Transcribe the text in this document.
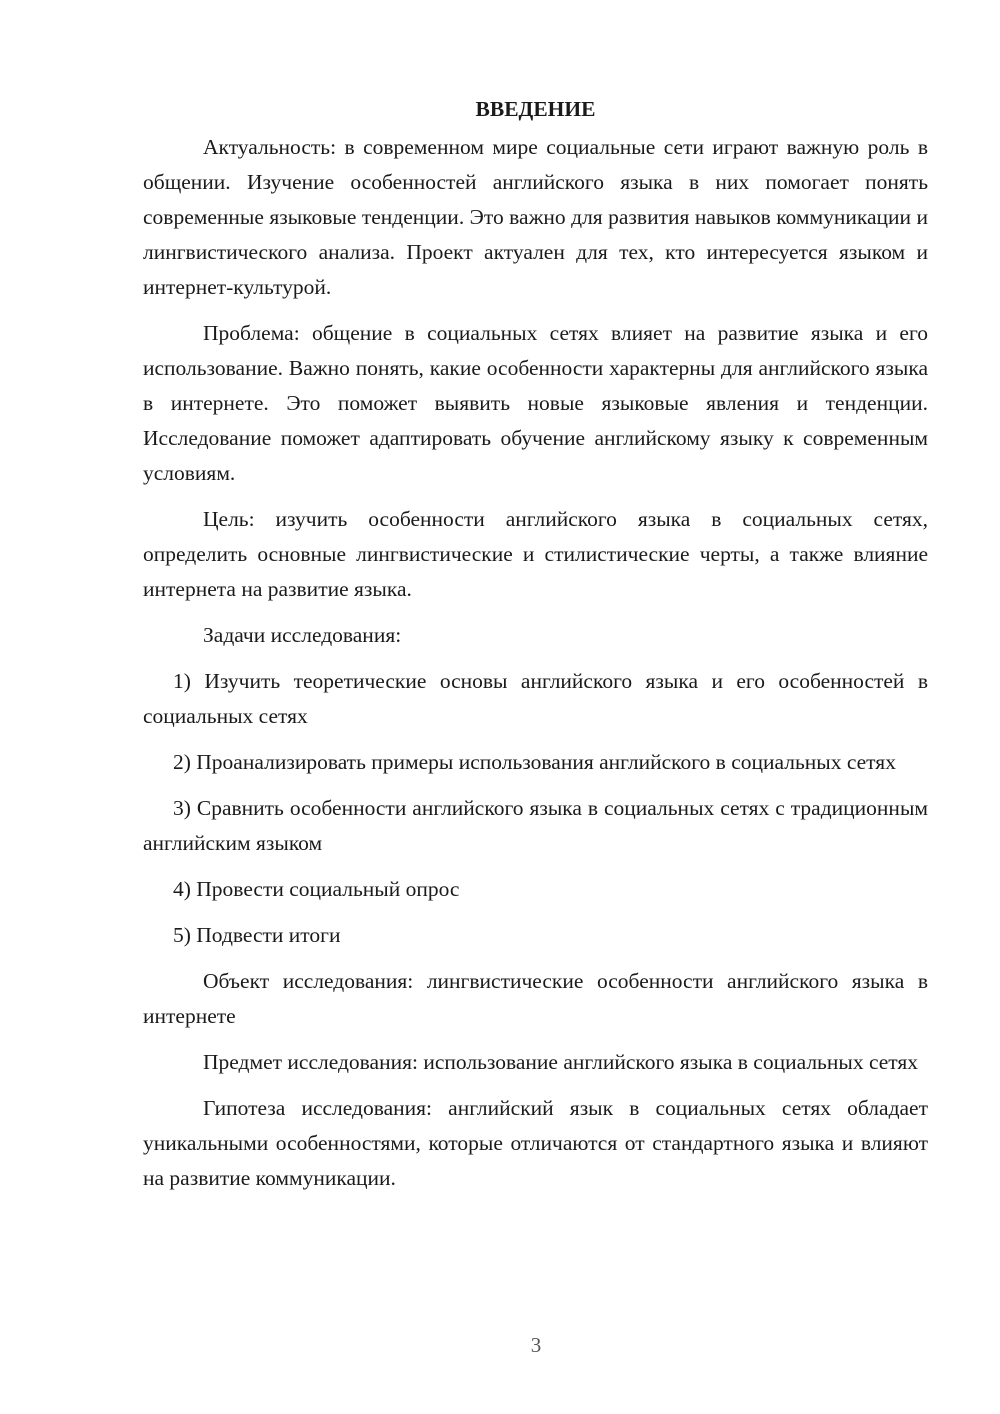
ВВЕДЕНИЕ

Актуальность: в современном мире социальные сети играют важную роль в общении. Изучение особенностей английского языка в них помогает понять современные языковые тенденции. Это важно для развития навыков коммуникации и лингвистического анализа. Проект актуален для тех, кто интересуется языком и интернет-культурой.

Проблема: общение в социальных сетях влияет на развитие языка и его использование. Важно понять, какие особенности характерны для английского языка в интернете. Это поможет выявить новые языковые явления и тенденции. Исследование поможет адаптировать обучение английскому языку к современным условиям.

Цель: изучить особенности английского языка в социальных сетях, определить основные лингвистические и стилистические черты, а также влияние интернета на развитие языка.

Задачи исследования:

1) Изучить теоретические основы английского языка и его особенностей в социальных сетях

2) Проанализировать примеры использования английского в социальных сетях

3) Сравнить особенности английского языка в социальных сетях с традиционным английским языком

4) Провести социальный опрос

5) Подвести итоги

Объект исследования: лингвистические особенности английского языка в интернете

Предмет исследования: использование английского языка в социальных сетях

Гипотеза исследования: английский язык в социальных сетях обладает уникальными особенностями, которые отличаются от стандартного языка и влияют на развитие коммуникации.

3
